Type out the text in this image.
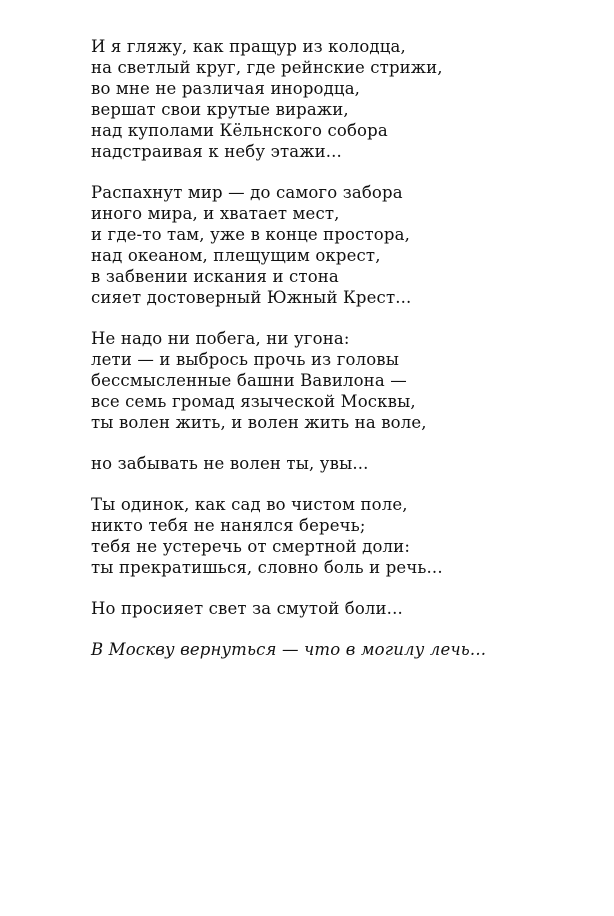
И я гляжу, как пращур из колодца,
на светлый круг, где рейнские стрижи,
во мне не различая инородца,
вершат свои крутые виражи,
над куполами Кёльнского собора
надстраивая к небу этажи...
Распахнут мир — до самого забора
иного мира, и хватает мест,
и где-то там, уже в конце простора,
над океаном, плещущим окрест,
в забвении искания и стона
сияет достоверный Южный Крест...
Не надо ни побега, ни угона:
лети — и выбрось прочь из головы
бессмысленные башни Вавилона —
все семь громад языческой Москвы,
ты волен жить, и волен жить на воле,
но забывать не волен ты, увы...
Ты одинок, как сад во чистом поле,
никто тебя не нанялся беречь;
тебя не устеречь от смертной доли:
ты прекратишься, словно боль и речь...
Но просияет свет за смутой боли...
В Москву вернуться — что в могилу лечь...
